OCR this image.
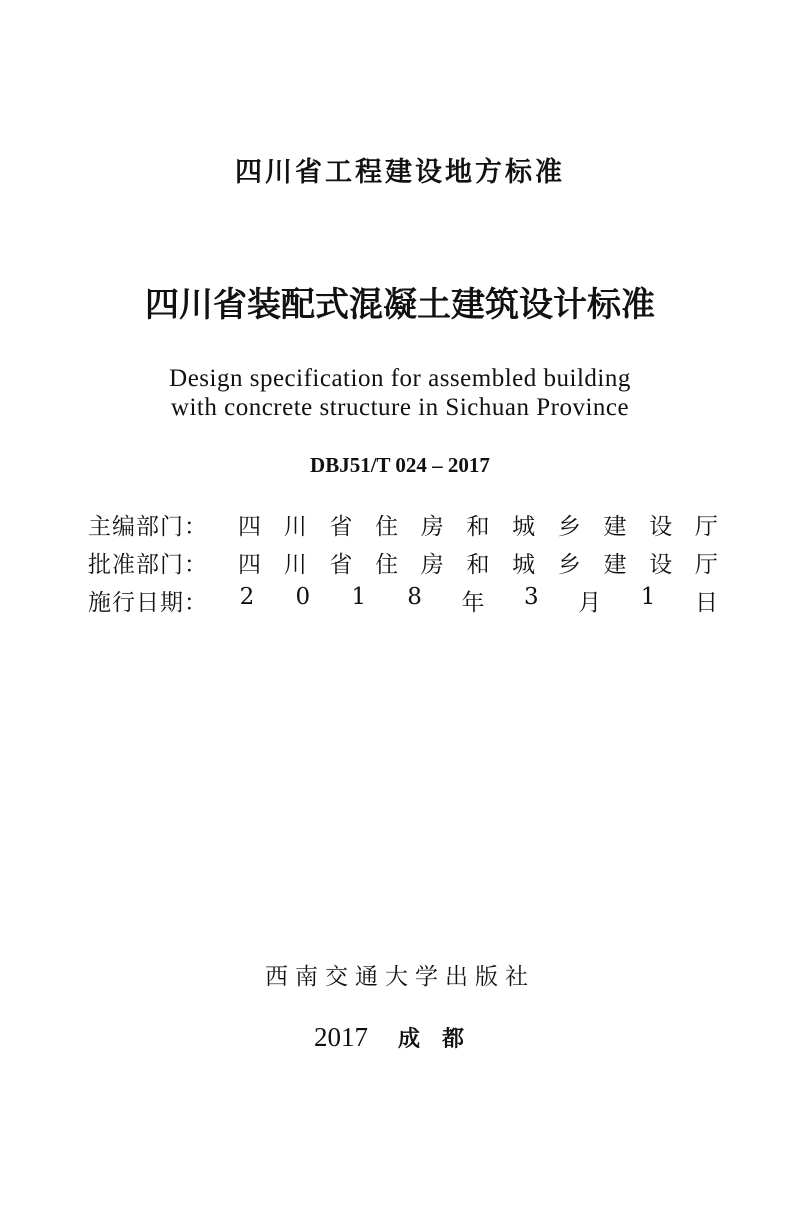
四川省工程建设地方标准
四川省装配式混凝土建筑设计标准
Design specification for assembled building
with concrete structure in Sichuan Province
DBJ51/T 024 – 2017
主编部门： 四 川 省 住 房 和 城 乡 建 设 厅
批准部门： 四 川 省 住 房 和 城 乡 建 设 厅
施行日期： 2 0 1 8 年 3 月 1 日
西南交通大学出版社
2017 成都
